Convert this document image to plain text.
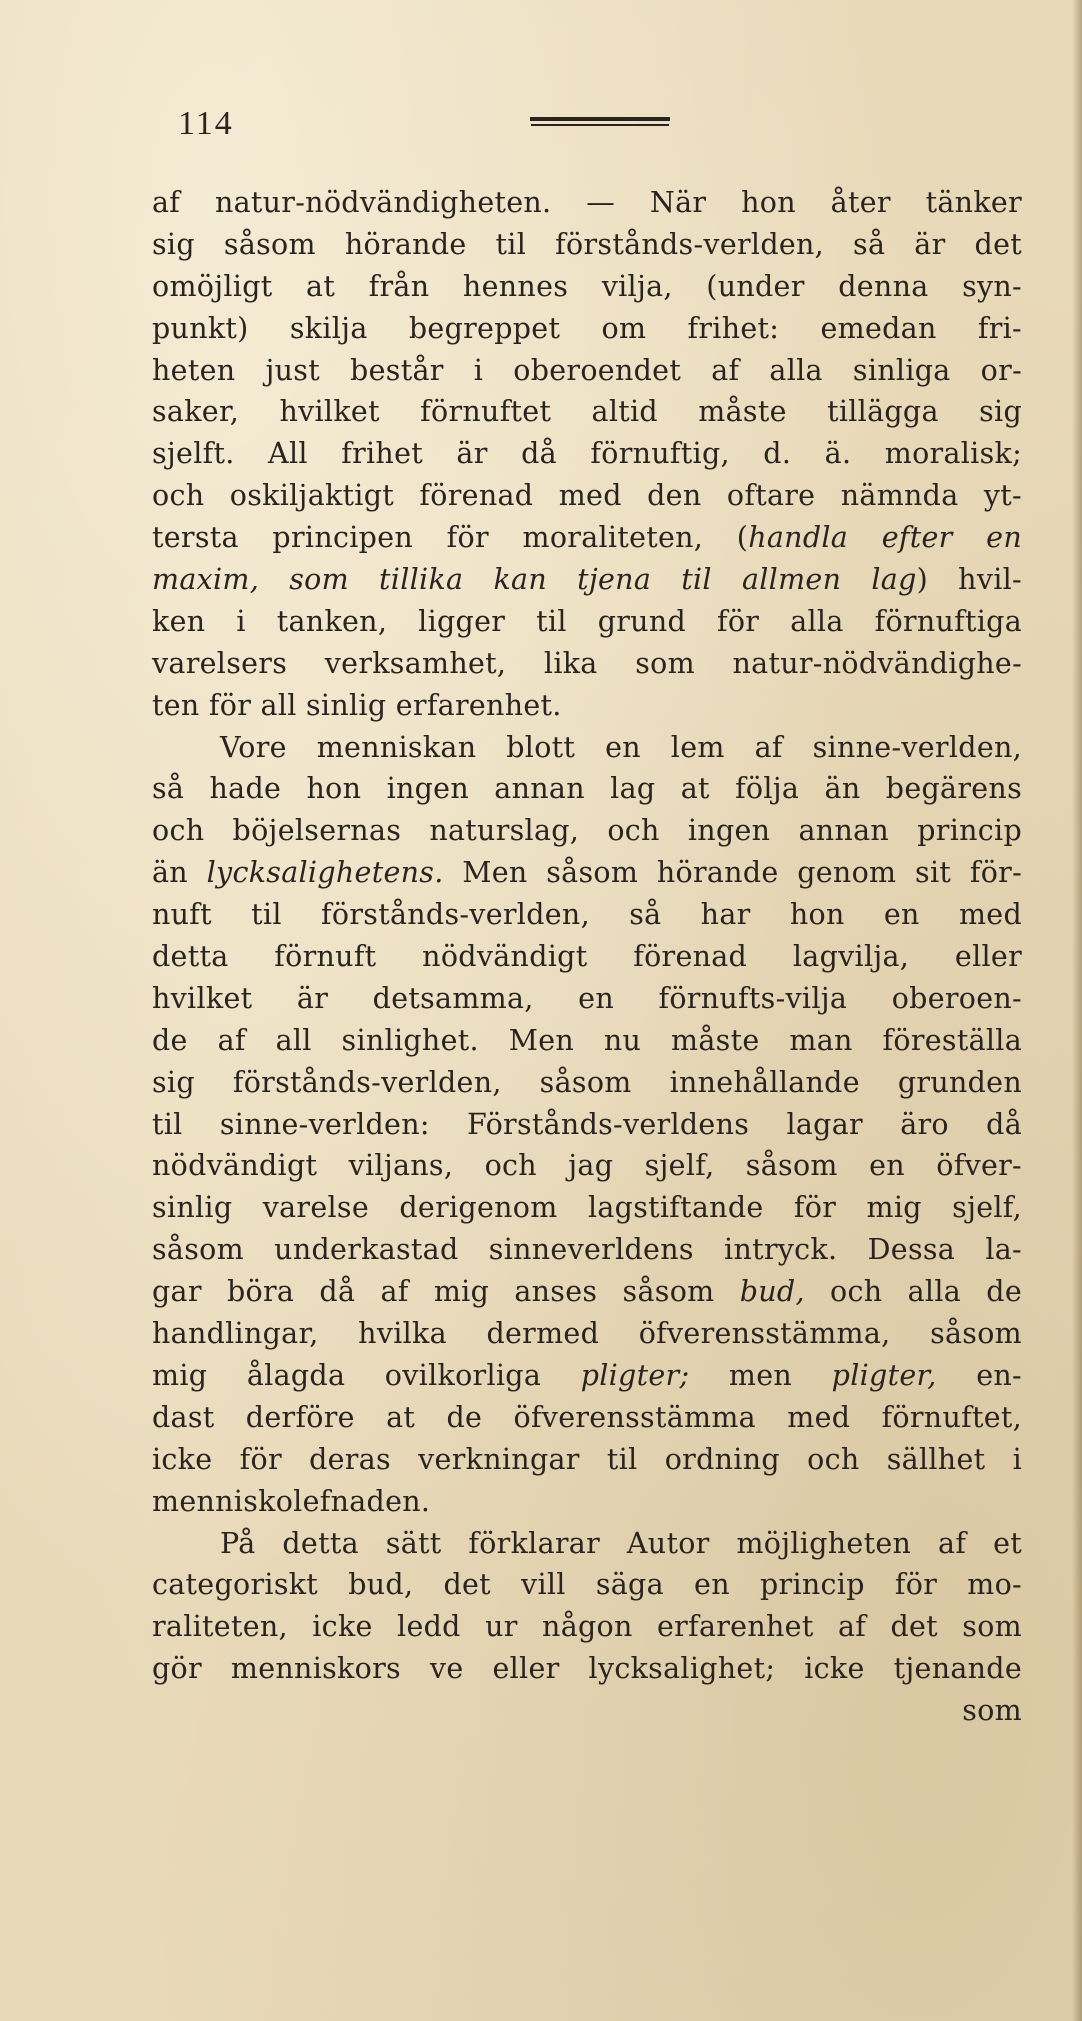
114
af natur-nödvändigheten. — När hon åter tänker
sig såsom hörande til förstånds-verlden, så är det
omöjligt at från hennes vilja, (under denna syn-
punkt) skilja begreppet om frihet: emedan fri-
heten just består i oberoendet af alla sinliga or-
saker, hvilket förnuftet altid måste tillägga sig
sjelft. All frihet är då förnuftig, d. ä. moralisk;
och oskiljaktigt förenad med den oftare nämnda yt-
tersta principen för moraliteten, (handla efter en
maxim, som tillika kan tjena til allmen lag) hvil-
ken i tanken, ligger til grund för alla förnuftiga
varelsers verksamhet, lika som natur-nödvändighe-
ten för all sinlig erfarenhet.
Vore menniskan blott en lem af sinne-verlden,
så hade hon ingen annan lag at följa än begärens
och böjelsernas naturslag, och ingen annan princip
än lycksalighetens. Men såsom hörande genom sit för-
nuft til förstånds-verlden, så har hon en med
detta förnuft nödvändigt förenad lagvilja, eller
hvilket är detsamma, en förnufts-vilja oberoen-
de af all sinlighet. Men nu måste man föreställa
sig förstånds-verlden, såsom innehållande grunden
til sinne-verlden: Förstånds-verldens lagar äro då
nödvändigt viljans, och jag sjelf, såsom en öfver-
sinlig varelse derigenom lagstiftande för mig sjelf,
såsom underkastad sinneverldens intryck. Dessa la-
gar böra då af mig anses såsom bud, och alla de
handlingar, hvilka dermed öfverensstämma, såsom
mig ålagda ovilkorliga pligter; men pligter, en-
dast derföre at de öfverensstämma med förnuftet,
icke för deras verkningar til ordning och sällhet i
menniskolefnaden.
På detta sätt förklarar Autor möjligheten af et
categoriskt bud, det vill säga en princip för mo-
raliteten, icke ledd ur någon erfarenhet af det som
gör menniskors ve eller lycksalighet; icke tjenande
som
